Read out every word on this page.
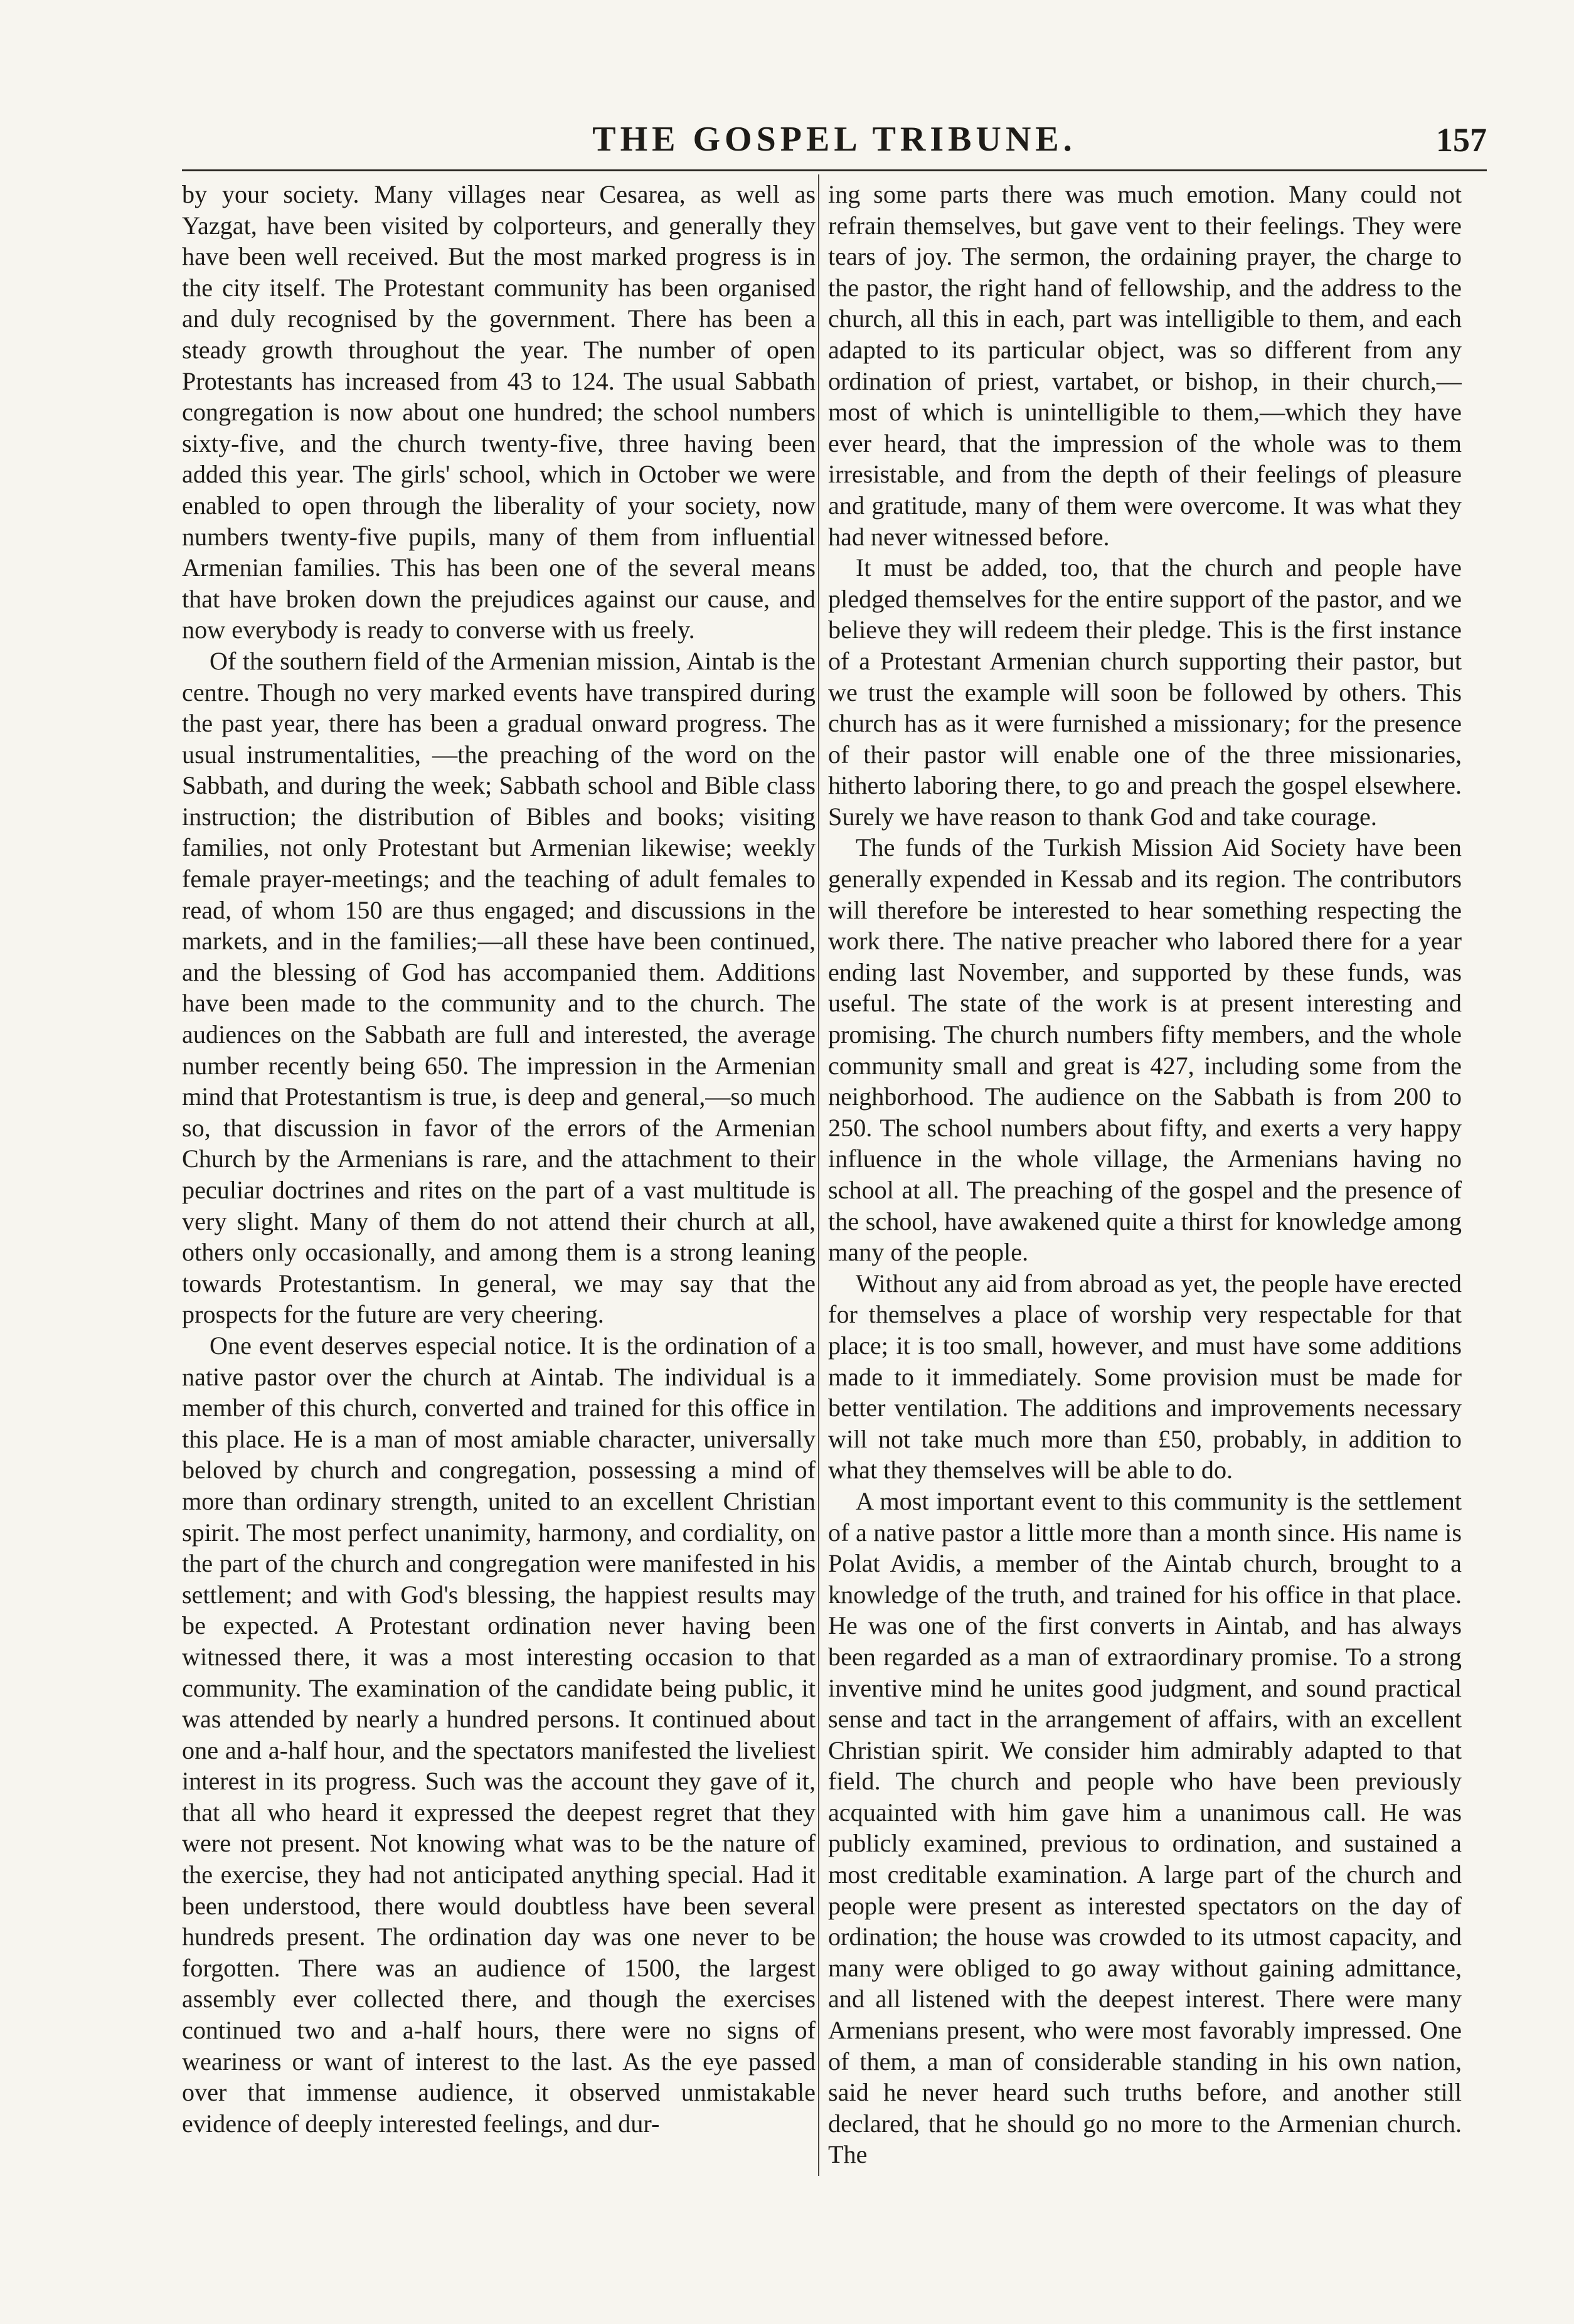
THE GOSPEL TRIBUNE.	157

by your society. Many villages near Cesarea, as well as Yazgat, have been visited by colporteurs, and generally they have been well received. But the most marked progress is in the city itself. The Protestant community has been organised and duly recognised by the government. There has been a steady growth throughout the year. The number of open Protestants has increased from 43 to 124. The usual Sabbath congregation is now about one hundred; the school numbers sixty-five, and the church twenty-five, three having been added this year. The girls' school, which in October we were enabled to open through the liberality of your society, now numbers twenty-five pupils, many of them from influential Armenian families. This has been one of the several means that have broken down the prejudices against our cause, and now everybody is ready to converse with us freely.

Of the southern field of the Armenian mission, Aintab is the centre. Though no very marked events have transpired during the past year, there has been a gradual onward progress. The usual instrumentalities, —the preaching of the word on the Sabbath, and during the week; Sabbath school and Bible class instruction; the distribution of Bibles and books; visiting families, not only Protestant but Armenian likewise; weekly female prayer-meetings; and the teaching of adult females to read, of whom 150 are thus engaged; and discussions in the markets, and in the families;—all these have been continued, and the blessing of God has accompanied them. Additions have been made to the community and to the church. The audiences on the Sabbath are full and interested, the average number recently being 650. The impression in the Armenian mind that Protestantism is true, is deep and general,—so much so, that discussion in favor of the errors of the Armenian Church by the Armenians is rare, and the attachment to their peculiar doctrines and rites on the part of a vast multitude is very slight. Many of them do not attend their church at all, others only occasionally, and among them is a strong leaning towards Protestantism. In general, we may say that the prospects for the future are very cheering.

One event deserves especial notice. It is the ordination of a native pastor over the church at Aintab. The individual is a member of this church, converted and trained for this office in this place. He is a man of most amiable character, universally beloved by church and congregation, possessing a mind of more than ordinary strength, united to an excellent Christian spirit. The most perfect unanimity, harmony, and cordiality, on the part of the church and congregation were manifested in his settlement; and with God's blessing, the happiest results may be expected. A Protestant ordination never having been witnessed there, it was a most interesting occasion to that community. The examination of the candidate being public, it was attended by nearly a hundred persons. It continued about one and a-half hour, and the spectators manifested the liveliest interest in its progress. Such was the account they gave of it, that all who heard it expressed the deepest regret that they were not present. Not knowing what was to be the nature of the exercise, they had not anticipated anything special. Had it been understood, there would doubtless have been several hundreds present. The ordination day was one never to be forgotten. There was an audience of 1500, the largest assembly ever collected there, and though the exercises continued two and a-half hours, there were no signs of weariness or want of interest to the last. As the eye passed over that immense audience, it observed unmistakable evidence of deeply interested feelings, and dur-

ing some parts there was much emotion. Many could not refrain themselves, but gave vent to their feelings. They were tears of joy. The sermon, the ordaining prayer, the charge to the pastor, the right hand of fellowship, and the address to the church, all this in each, part was intelligible to them, and each adapted to its particular object, was so different from any ordination of priest, vartabet, or bishop, in their church,—most of which is unintelligible to them,—which they have ever heard, that the impression of the whole was to them irresistable, and from the depth of their feelings of pleasure and gratitude, many of them were overcome. It was what they had never witnessed before.

It must be added, too, that the church and people have pledged themselves for the entire support of the pastor, and we believe they will redeem their pledge. This is the first instance of a Protestant Armenian church supporting their pastor, but we trust the example will soon be followed by others. This church has as it were furnished a missionary; for the presence of their pastor will enable one of the three missionaries, hitherto laboring there, to go and preach the gospel elsewhere. Surely we have reason to thank God and take courage.

The funds of the Turkish Mission Aid Society have been generally expended in Kessab and its region. The contributors will therefore be interested to hear something respecting the work there. The native preacher who labored there for a year ending last November, and supported by these funds, was useful. The state of the work is at present interesting and promising. The church numbers fifty members, and the whole community small and great is 427, including some from the neighborhood. The audience on the Sabbath is from 200 to 250. The school numbers about fifty, and exerts a very happy influence in the whole village, the Armenians having no school at all. The preaching of the gospel and the presence of the school, have awakened quite a thirst for knowledge among many of the people.

Without any aid from abroad as yet, the people have erected for themselves a place of worship very respectable for that place; it is too small, however, and must have some additions made to it immediately. Some provision must be made for better ventilation. The additions and improvements necessary will not take much more than £50, probably, in addition to what they themselves will be able to do.

A most important event to this community is the settlement of a native pastor a little more than a month since. His name is Polat Avidis, a member of the Aintab church, brought to a knowledge of the truth, and trained for his office in that place. He was one of the first converts in Aintab, and has always been regarded as a man of extraordinary promise. To a strong inventive mind he unites good judgment, and sound practical sense and tact in the arrangement of affairs, with an excellent Christian spirit. We consider him admirably adapted to that field. The church and people who have been previously acquainted with him gave him a unanimous call. He was publicly examined, previous to ordination, and sustained a most creditable examination. A large part of the church and people were present as interested spectators on the day of ordination; the house was crowded to its utmost capacity, and many were obliged to go away without gaining admittance, and all listened with the deepest interest. There were many Armenians present, who were most favorably impressed. One of them, a man of considerable standing in his own nation, said he never heard such truths before, and another still declared, that he should go no more to the Armenian church. The
